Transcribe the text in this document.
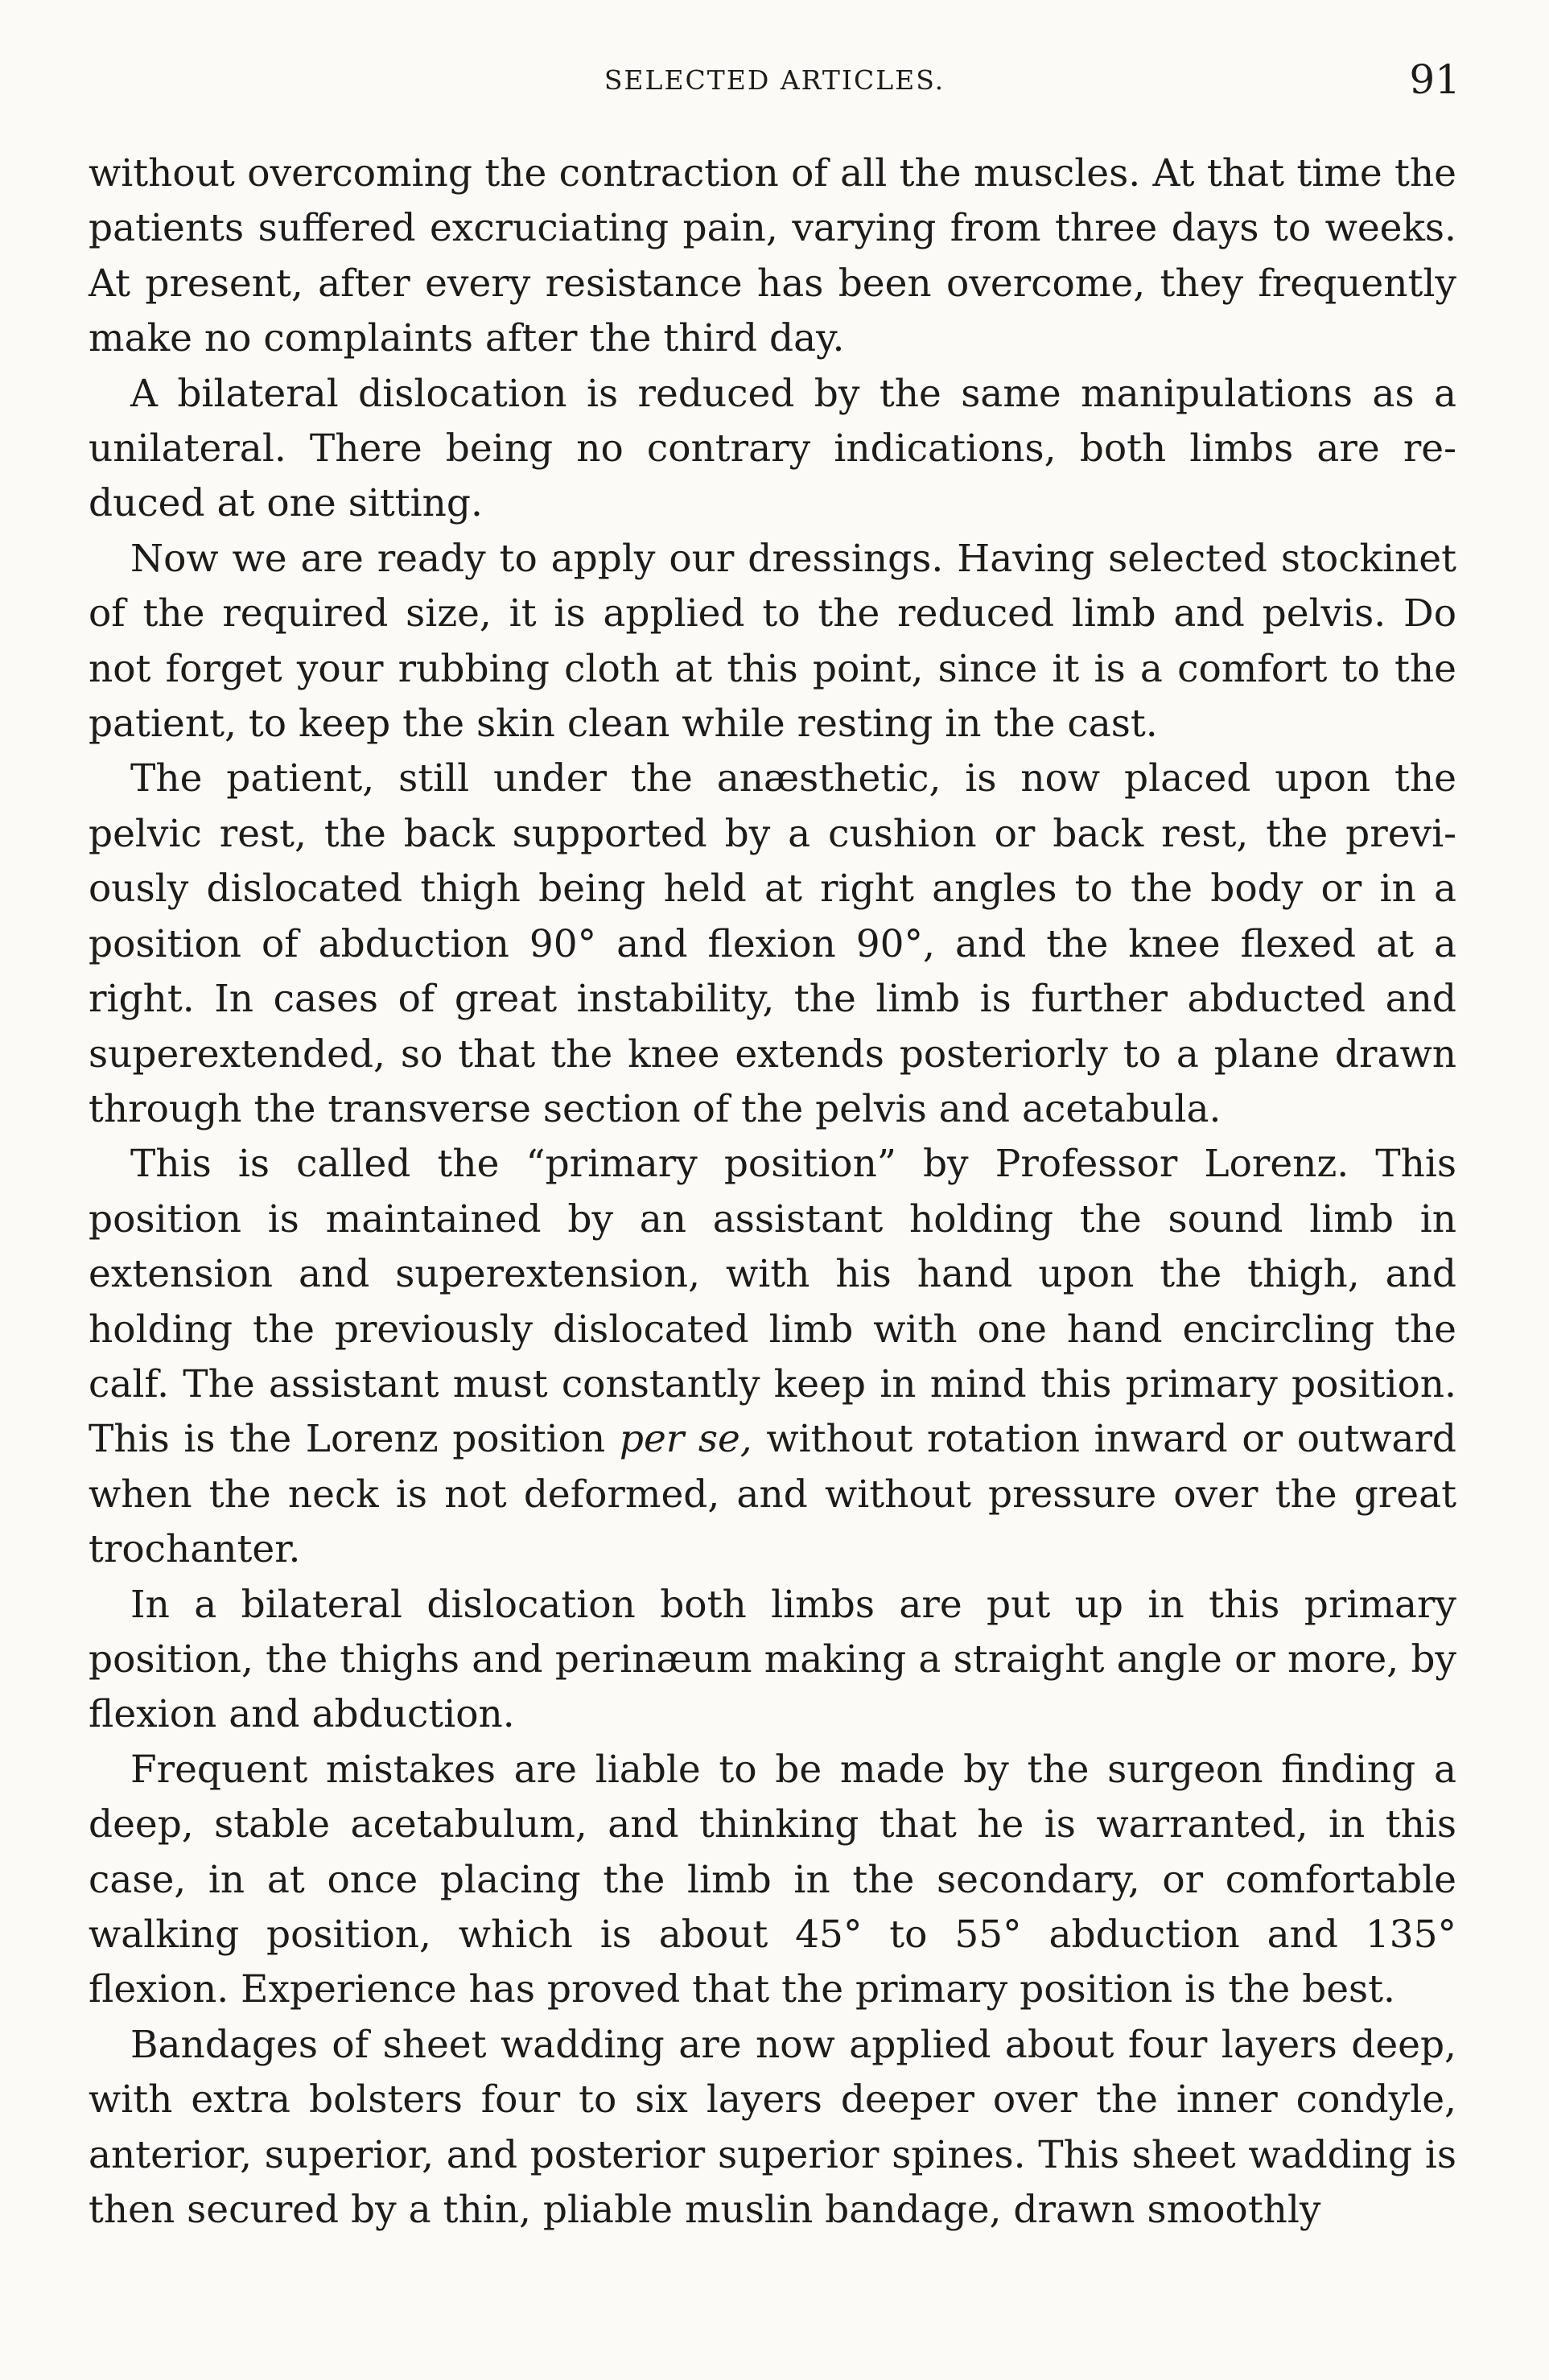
SELECTED ARTICLES.	91

without overcoming the contraction of all the muscles. At that time the patients suffered excruciating pain, varying from three days to weeks. At present, after every resistance has been overcome, they frequently make no complaints after the third day.

A bilateral dislocation is reduced by the same manipulations as a unilateral. There being no contrary indications, both limbs are reduced at one sitting.

Now we are ready to apply our dressings. Having selected stockinet of the required size, it is applied to the reduced limb and pelvis. Do not forget your rubbing cloth at this point, since it is a comfort to the patient, to keep the skin clean while resting in the cast.

The patient, still under the anæsthetic, is now placed upon the pelvic rest, the back supported by a cushion or back rest, the previously dislocated thigh being held at right angles to the body or in a position of abduction 90° and flexion 90°, and the knee flexed at a right. In cases of great instability, the limb is further abducted and superextended, so that the knee extends posteriorly to a plane drawn through the transverse section of the pelvis and acetabula.

This is called the “primary position” by Professor Lorenz. This position is maintained by an assistant holding the sound limb in extension and superextension, with his hand upon the thigh, and holding the previously dislocated limb with one hand encircling the calf. The assistant must constantly keep in mind this primary position. This is the Lorenz position per se, without rotation inward or outward when the neck is not deformed, and without pressure over the great trochanter.

In a bilateral dislocation both limbs are put up in this primary position, the thighs and perinæum making a straight angle or more, by flexion and abduction.

Frequent mistakes are liable to be made by the surgeon finding a deep, stable acetabulum, and thinking that he is warranted, in this case, in at once placing the limb in the secondary, or comfortable walking position, which is about 45° to 55° abduction and 135° flexion. Experience has proved that the primary position is the best.

Bandages of sheet wadding are now applied about four layers deep, with extra bolsters four to six layers deeper over the inner condyle, anterior, superior, and posterior superior spines. This sheet wadding is then secured by a thin, pliable muslin bandage, drawn smoothly
